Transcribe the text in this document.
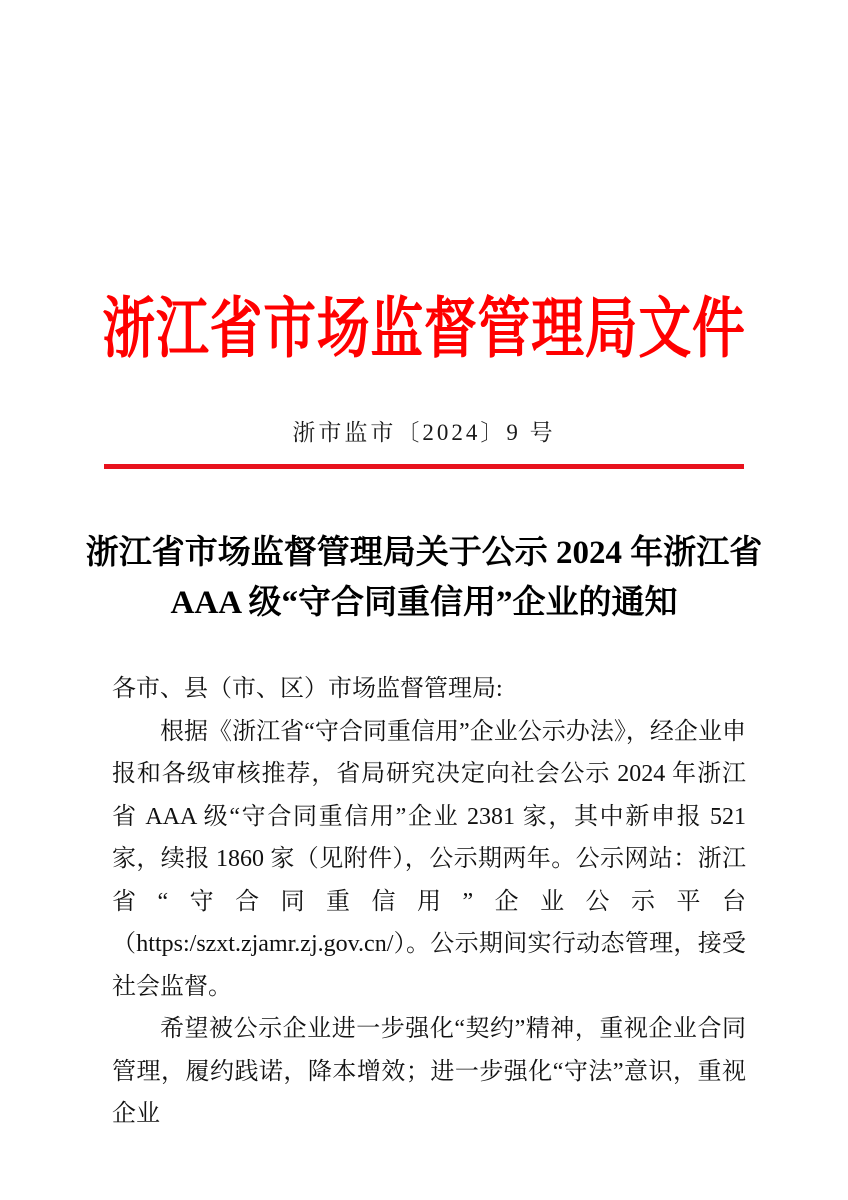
浙江省市场监督管理局文件
浙市监市〔2024〕9 号
浙江省市场监督管理局关于公示 2024 年浙江省
AAA 级“守合同重信用”企业的通知

各市、县（市、区）市场监督管理局:

根据《浙江省“守合同重信用”企业公示办法》，经企业申报和各级审核推荐，省局研究决定向社会公示 2024 年浙江省 AAA 级“守合同重信用”企业 2381 家，其中新申报 521 家，续报 1860 家（见附件），公示期两年。公示网站：浙江省“守合同重信用”企业公示平台（https:/szxt.zjamr.zj.gov.cn/）。公示期间实行动态管理，接受社会监督。

希望被公示企业进一步强化“契约”精神，重视企业合同管理，履约践诺，降本增效；进一步强化“守法”意识，重视企业
